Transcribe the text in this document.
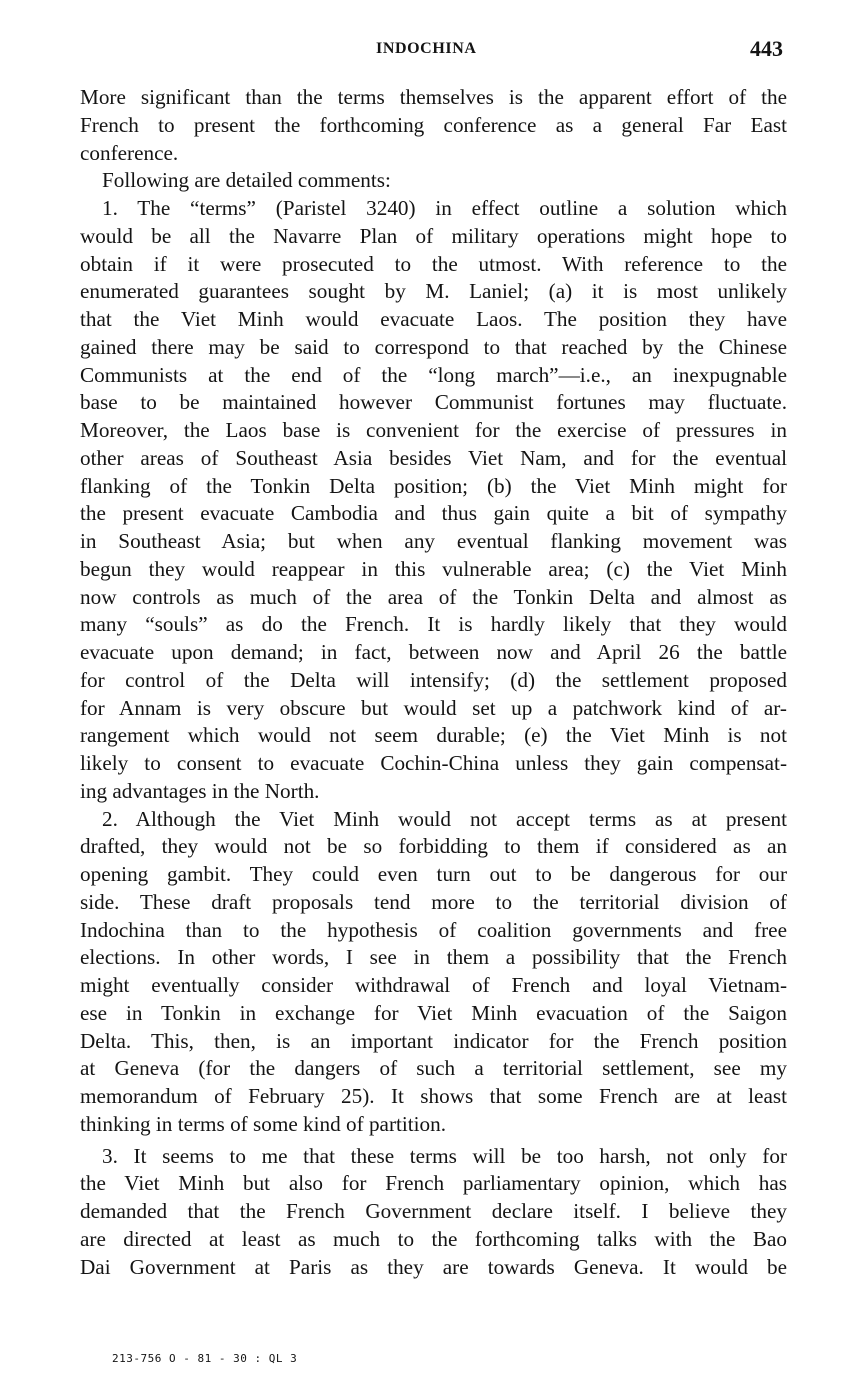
INDOCHINA	443
More significant than the terms themselves is the apparent effort of the
French to present the forthcoming conference as a general Far East
conference.
Following are detailed comments:
1. The “terms” (Paristel 3240) in effect outline a solution which
would be all the Navarre Plan of military operations might hope to
obtain if it were prosecuted to the utmost. With reference to the
enumerated guarantees sought by M. Laniel; (a) it is most unlikely
that the Viet Minh would evacuate Laos. The position they have
gained there may be said to correspond to that reached by the Chinese
Communists at the end of the “long march”—i.e., an inexpugnable
base to be maintained however Communist fortunes may fluctuate.
Moreover, the Laos base is convenient for the exercise of pressures in
other areas of Southeast Asia besides Viet Nam, and for the eventual
flanking of the Tonkin Delta position; (b) the Viet Minh might for
the present evacuate Cambodia and thus gain quite a bit of sympathy
in Southeast Asia; but when any eventual flanking movement was
begun they would reappear in this vulnerable area; (c) the Viet Minh
now controls as much of the area of the Tonkin Delta and almost as
many “souls” as do the French. It is hardly likely that they would
evacuate upon demand; in fact, between now and April 26 the battle
for control of the Delta will intensify; (d) the settlement proposed
for Annam is very obscure but would set up a patchwork kind of ar-
rangement which would not seem durable; (e) the Viet Minh is not
likely to consent to evacuate Cochin-China unless they gain compensat-
ing advantages in the North.
2. Although the Viet Minh would not accept terms as at present
drafted, they would not be so forbidding to them if considered as an
opening gambit. They could even turn out to be dangerous for our
side. These draft proposals tend more to the territorial division of
Indochina than to the hypothesis of coalition governments and free
elections. In other words, I see in them a possibility that the French
might eventually consider withdrawal of French and loyal Vietnam-
ese in Tonkin in exchange for Viet Minh evacuation of the Saigon
Delta. This, then, is an important indicator for the French position
at Geneva (for the dangers of such a territorial settlement, see my
memorandum of February 25). It shows that some French are at least
thinking in terms of some kind of partition.
3. It seems to me that these terms will be too harsh, not only for
the Viet Minh but also for French parliamentary opinion, which has
demanded that the French Government declare itself. I believe they
are directed at least as much to the forthcoming talks with the Bao
Dai Government at Paris as they are towards Geneva. It would be
213-756 O - 81 - 30 : QL 3
